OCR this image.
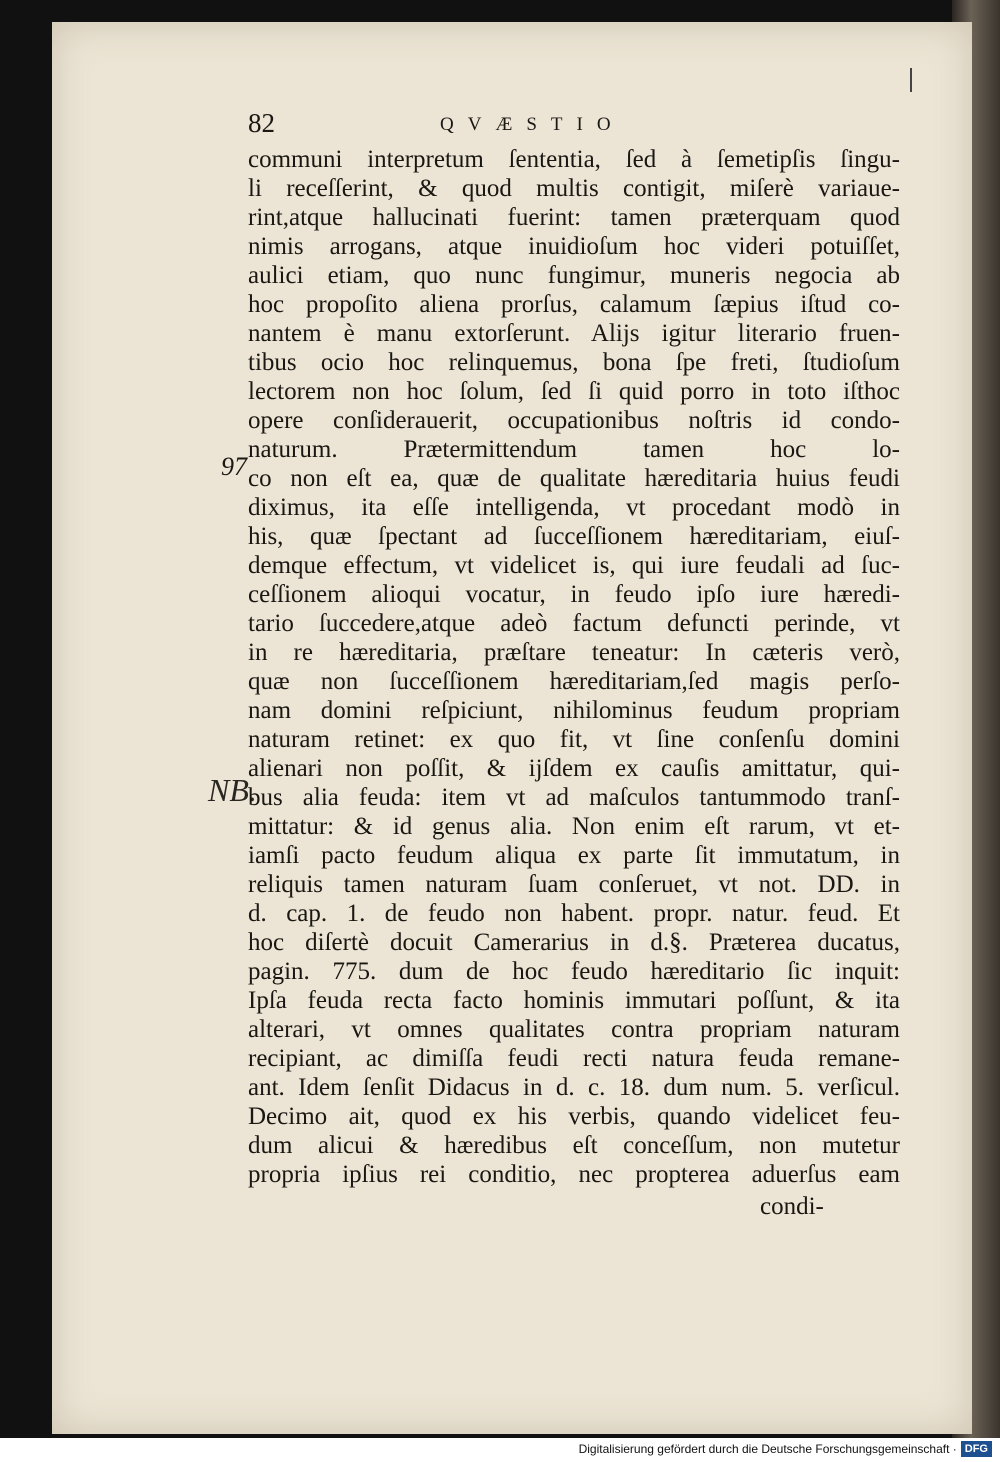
82	QVÆSTIO
97
NB.
communi interpretum ſententia, ſed à ſemetipſis ſingu-
li receſſerint, & quod multis contigit, miſerè variaue-
rint,atque hallucinati fuerint: tamen præterquam quod
nimis arrogans, atque inuidioſum hoc videri potuiſſet,
aulici etiam, quo nunc fungimur, muneris negocia ab
hoc propoſito aliena prorſus, calamum ſæpius iſtud co-
nantem è manu extorſerunt. Alijs igitur literario fruen-
tibus ocio hoc relinquemus, bona ſpe freti, ſtudioſum
lectorem non hoc ſolum, ſed ſi quid porro in toto iſthoc
opere conſiderauerit, occupationibus noſtris id condo-
naturum. Prætermittendum tamen hoc lo-
co non eſt ea, quæ de qualitate hæreditaria huius feudi
diximus, ita eſſe intelligenda, vt procedant modò in
his, quæ ſpectant ad ſucceſſionem hæreditariam, eiuſ-
demque effectum, vt videlicet is, qui iure feudali ad ſuc-
ceſſionem alioqui vocatur, in feudo ipſo iure hæredi-
tario ſuccedere,atque adeò factum defuncti perinde, vt
in re hæreditaria, præſtare teneatur: In cæteris verò,
quæ non ſucceſſionem hæreditariam,ſed magis perſo-
nam domini reſpiciunt, nihilominus feudum propriam
naturam retinet: ex quo fit, vt ſine conſenſu domini
alienari non poſſit, & ijſdem ex cauſis amittatur, qui-
bus alia feuda: item vt ad maſculos tantummodo tranſ-
mittatur: & id genus alia. Non enim eſt rarum, vt et-
iamſi pacto feudum aliqua ex parte ſit immutatum, in
reliquis tamen naturam ſuam conſeruet, vt not. DD. in
d. cap. 1. de feudo non habent. propr. natur. feud. Et
hoc diſertè docuit Camerarius in d.§. Præterea ducatus,
pagin. 775. dum de hoc feudo hæreditario ſic inquit:
Ipſa feuda recta facto hominis immutari poſſunt, & ita
alterari, vt omnes qualitates contra propriam naturam
recipiant, ac dimiſſa feudi recti natura feuda remane-
ant. Idem ſenſit Didacus in d. c. 18. dum num. 5. verſicul.
Decimo ait, quod ex his verbis, quando videlicet feu-
dum alicui & hæredibus eſt conceſſum, non mutetur
propria ipſius rei conditio, nec propterea aduerſus eam
condi-
Digitalisierung gefördert durch die Deutsche Forschungsgemeinschaft · DFG
